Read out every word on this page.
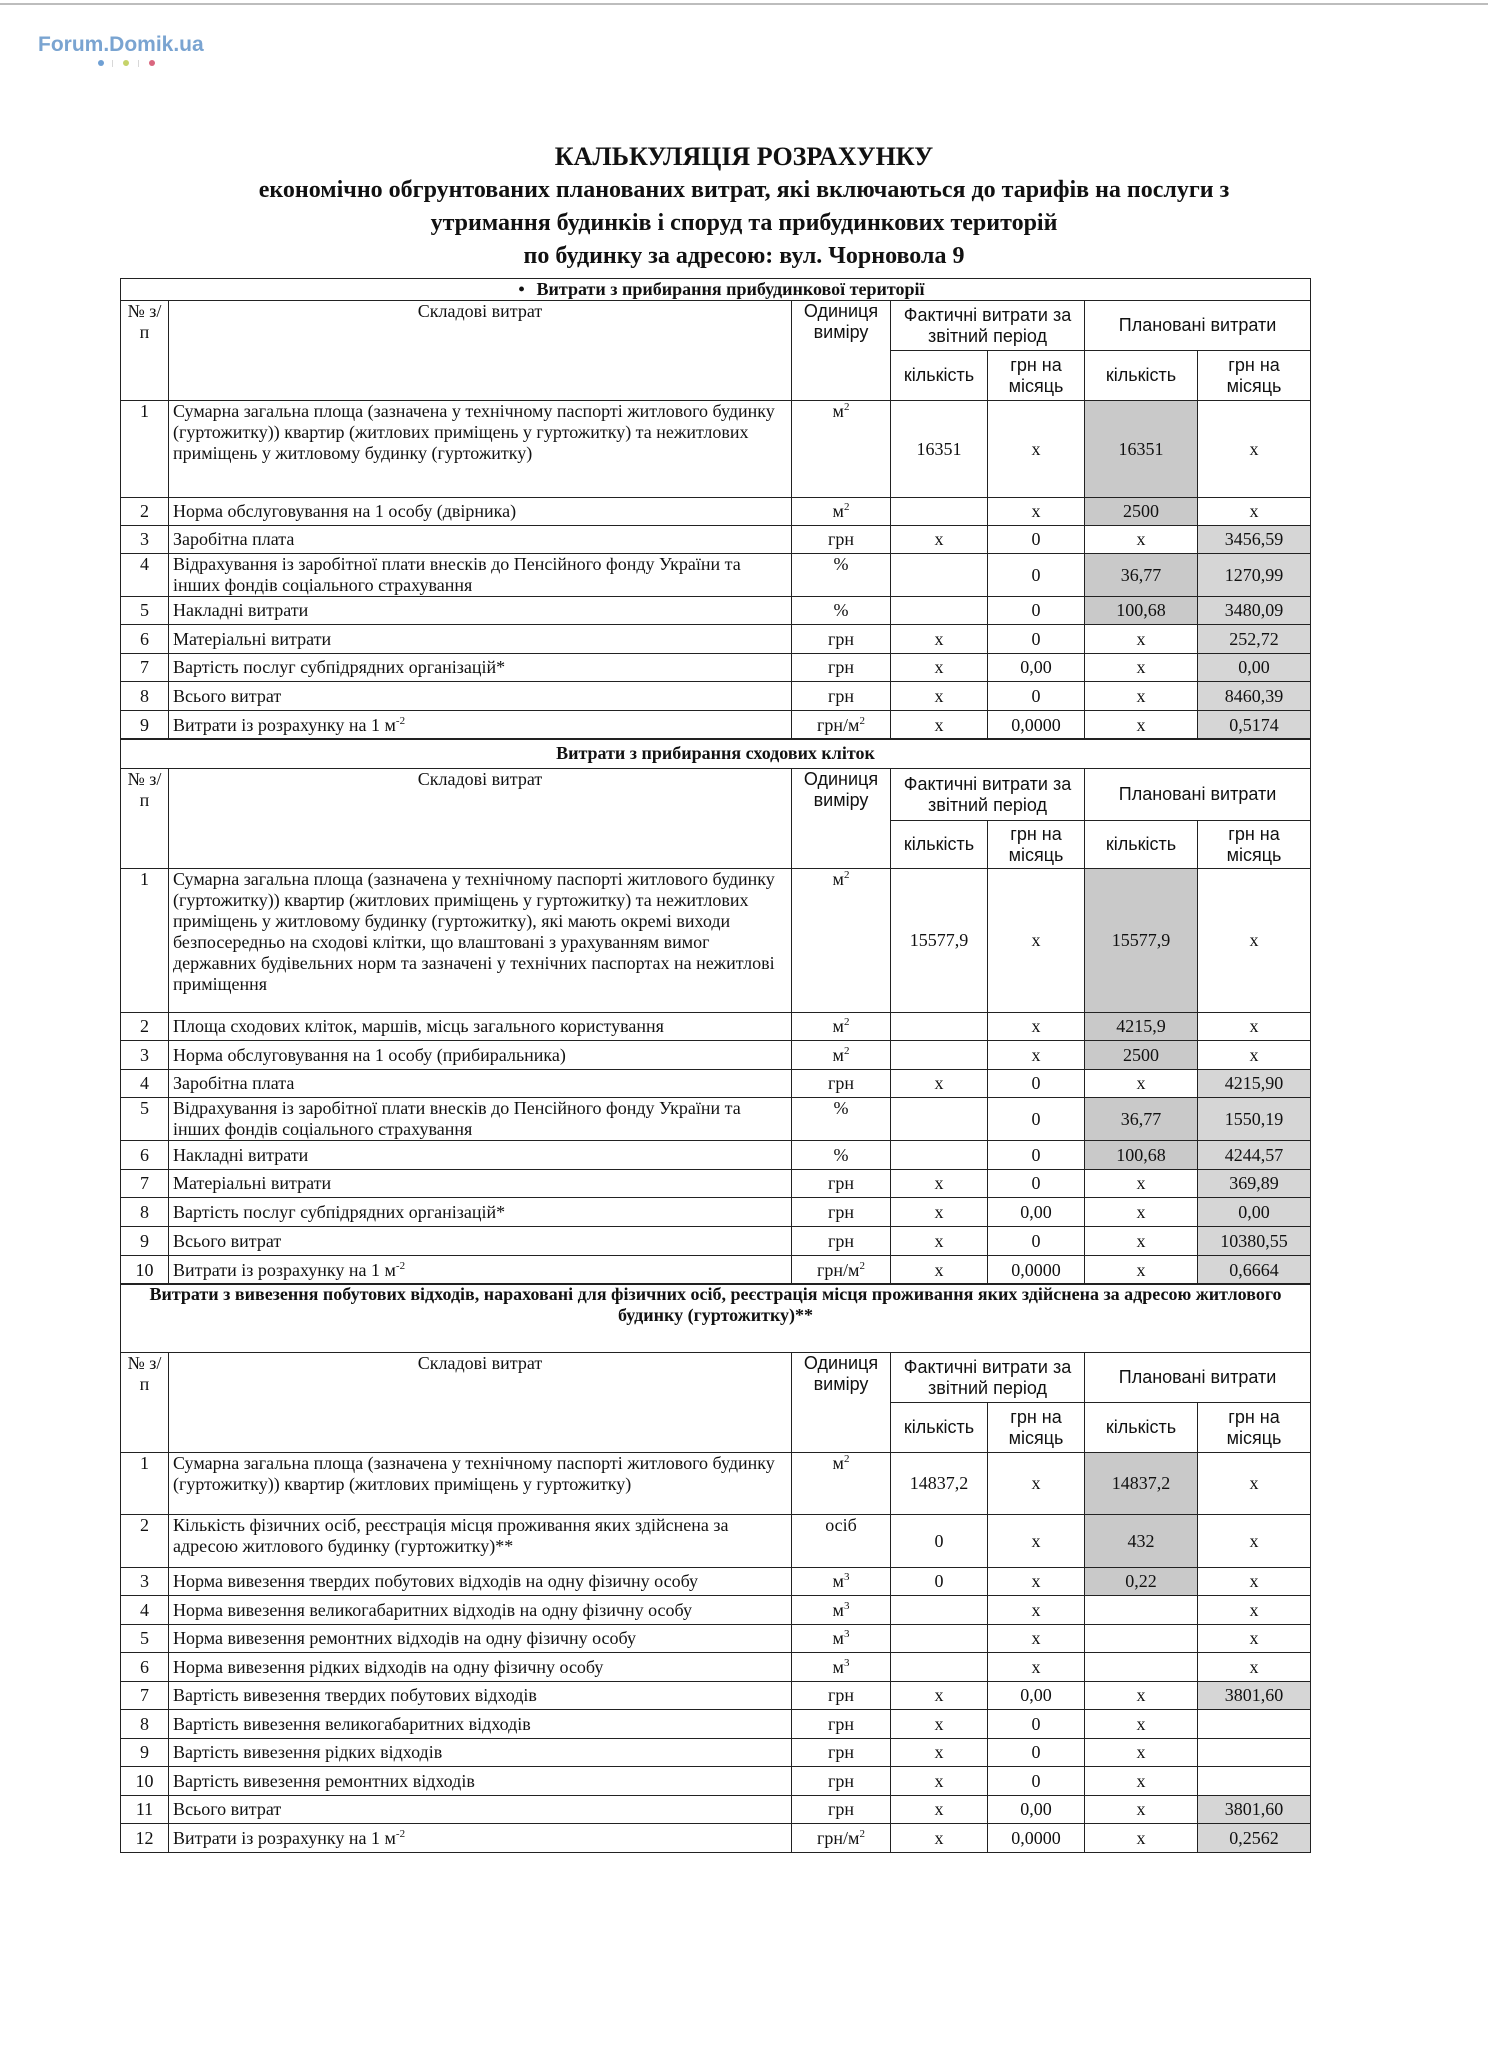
Forum.Domik.ua
КАЛЬКУЛЯЦІЯ РОЗРАХУНКУ
економічно обгрунтованих планованих витрат, які включаються до тарифів на послуги з
утримання будинків і споруд та прибудинкових територій
по будинку за адресою: вул. Чорновола 9
• Витрати з прибирання прибудинкової території						
№ з/п	Складові витрат	Одиниця виміру	Фактичні витрати за звітний період		Плановані витрати	
			кількість	грн на місяць	кількість	грн на місяць
1	Сумарна загальна площа (зазначена у технічному паспорті житлового будинку (гуртожитку)) квартир (житлових приміщень у гуртожитку) та нежитлових приміщень у житловому будинку (гуртожитку)	$м^2$	16351	х	16351	х
2	Норма обслуговування на 1 особу (двірника)	$м^2$		х	2500	х
3	Заробітна плата	грн	х	0	х	3456,59
4	Відрахування із заробітної плати внесків до Пенсійного фонду України та інших фондів соціального страхування	%		0	36,77	1270,99
5	Накладні витрати	%		0	100,68	3480,09
6	Матеріальні витрати	грн	х	0	х	252,72
7	Вартість послуг субпідрядних організацій*	грн	х	0,00	х	0,00
8	Всього витрат	грн	х	0	х	8460,39
9	Витрати із розрахунку на 1 $м^{-2}$	грн/$м^2$	х	0,0000	х	0,5174
Витрати з прибирання сходових кліток						
№ з/п	Складові витрат	Одиниця виміру	Фактичні витрати за звітний період		Плановані витрати	
			кількість	грн на місяць	кількість	грн на місяць
1	Сумарна загальна площа (зазначена у технічному паспорті житлового будинку (гуртожитку)) квартир (житлових приміщень у гуртожитку) та нежитлових приміщень у житловому будинку (гуртожитку), які мають окремі виходи безпосередньо на сходові клітки, що влаштовані з урахуванням вимог державних будівельних норм та зазначені у технічних паспортах на нежитлові приміщення	$м^2$	15577,9	х	15577,9	х
2	Площа сходових кліток, маршів, місць загального користування	$м^2$		х	4215,9	х
3	Норма обслуговування на 1 особу (прибиральника)	$м^2$		х	2500	х
4	Заробітна плата	грн	х	0	х	4215,90
5	Відрахування із заробітної плати внесків до Пенсійного фонду України та інших фондів соціального страхування	%		0	36,77	1550,19
6	Накладні витрати	%		0	100,68	4244,57
7	Матеріальні витрати	грн	х	0	х	369,89
8	Вартість послуг субпідрядних організацій*	грн	х	0,00	х	0,00
9	Всього витрат	грн	х	0	х	10380,55
10	Витрати із розрахунку на 1 $м^{-2}$	грн/$м^2$	х	0,0000	х	0,6664
Витрати з вивезення побутових відходів, нараховані для фізичних осіб, реєстрація місця проживання яких здійснена за адресою житлового будинку (гуртожитку)**						
№ з/п	Складові витрат	Одиниця виміру	Фактичні витрати за звітний період		Плановані витрати	
			кількість	грн на місяць	кількість	грн на місяць
1	Сумарна загальна площа (зазначена у технічному паспорті житлового будинку (гуртожитку)) квартир (житлових приміщень у гуртожитку)	$м^2$	14837,2	х	14837,2	х
2	Кількість фізичних осіб, реєстрація місця проживання яких здійснена за адресою житлового будинку (гуртожитку)**	осіб	0	х	432	х
3	Норма вивезення твердих побутових відходів на одну фізичну особу	$м^3$	0	х	0,22	х
4	Норма вивезення великогабаритних відходів на одну фізичну особу	$м^3$		х		х
5	Норма вивезення ремонтних відходів на одну фізичну особу	$м^3$		х		х
6	Норма вивезення рідких відходів на одну фізичну особу	$м^3$		х		х
7	Вартість вивезення твердих побутових відходів	грн	х	0,00	х	3801,60
8	Вартість вивезення великогабаритних відходів	грн	х	0	х	
9	Вартість вивезення рідких відходів	грн	х	0	х	
10	Вартість вивезення ремонтних відходів	грн	х	0	х	
11	Всього витрат	грн	х	0,00	х	3801,60
12	Витрати із розрахунку на 1 $м^{-2}$	грн/$м^2$	х	0,0000	х	0,2562
